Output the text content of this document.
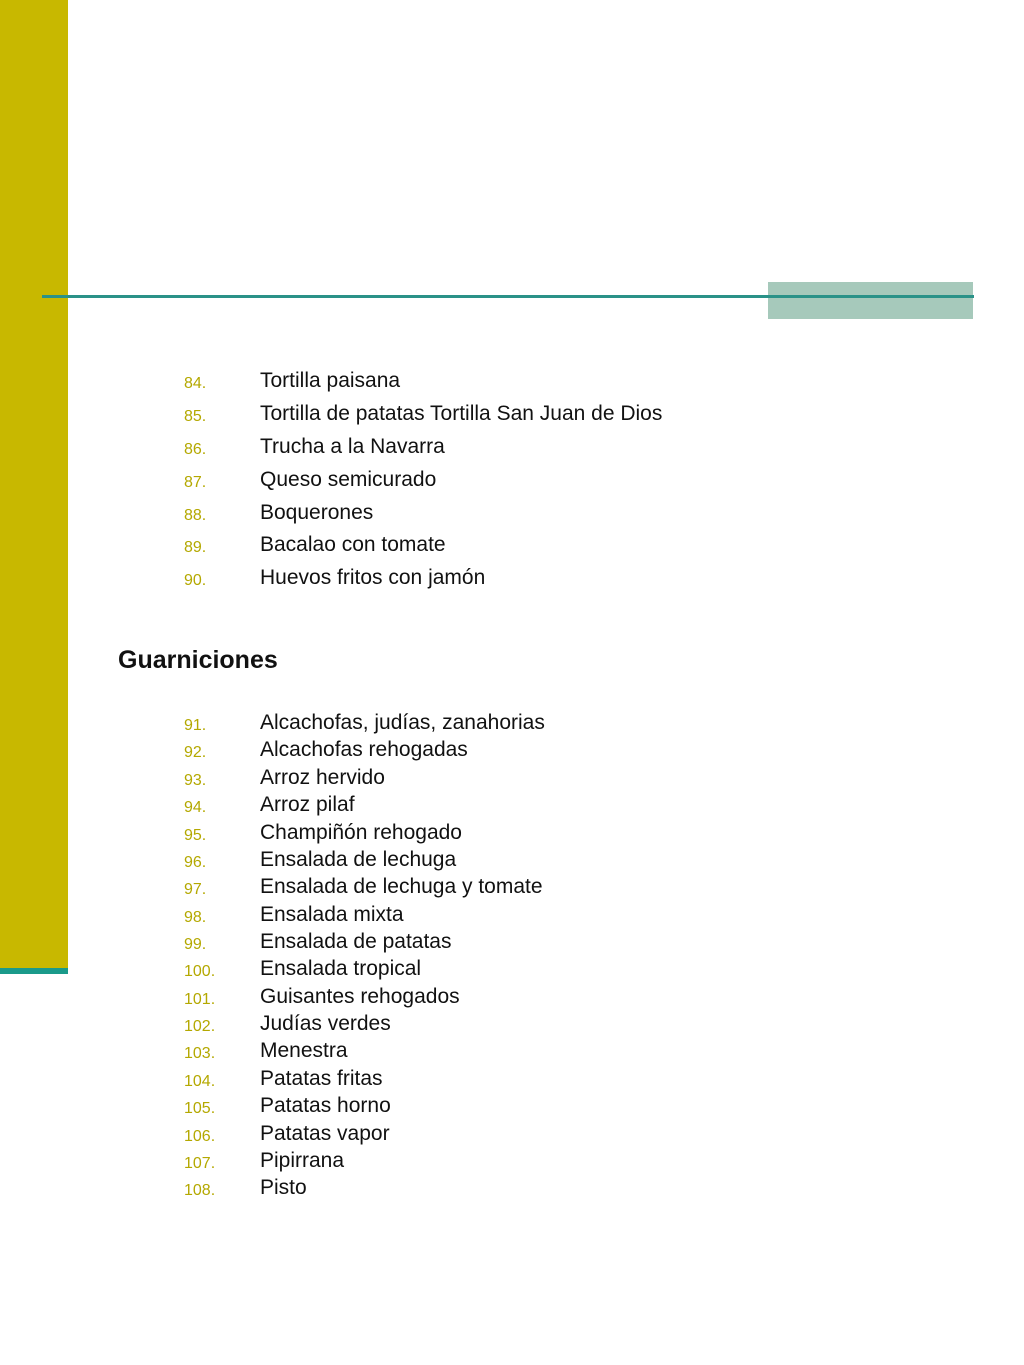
84.	Tortilla paisana
85.	Tortilla de patatas Tortilla San Juan de Dios
86.	Trucha a la Navarra
87.	Queso semicurado
88.	Boquerones
89.	Bacalao con tomate
90.	Huevos fritos con jamón
Guarniciones
91.	Alcachofas, judías, zanahorias
92.	Alcachofas rehogadas
93.	Arroz hervido
94.	Arroz pilaf
95.	Champiñón rehogado
96.	Ensalada de lechuga
97.	Ensalada de lechuga y tomate
98.	Ensalada mixta
99.	Ensalada de patatas
100. Ensalada tropical
101. Guisantes rehogados
102. Judías verdes
103. Menestra
104. Patatas fritas
105. Patatas horno
106. Patatas vapor
107. Pipirrana
108. Pisto
